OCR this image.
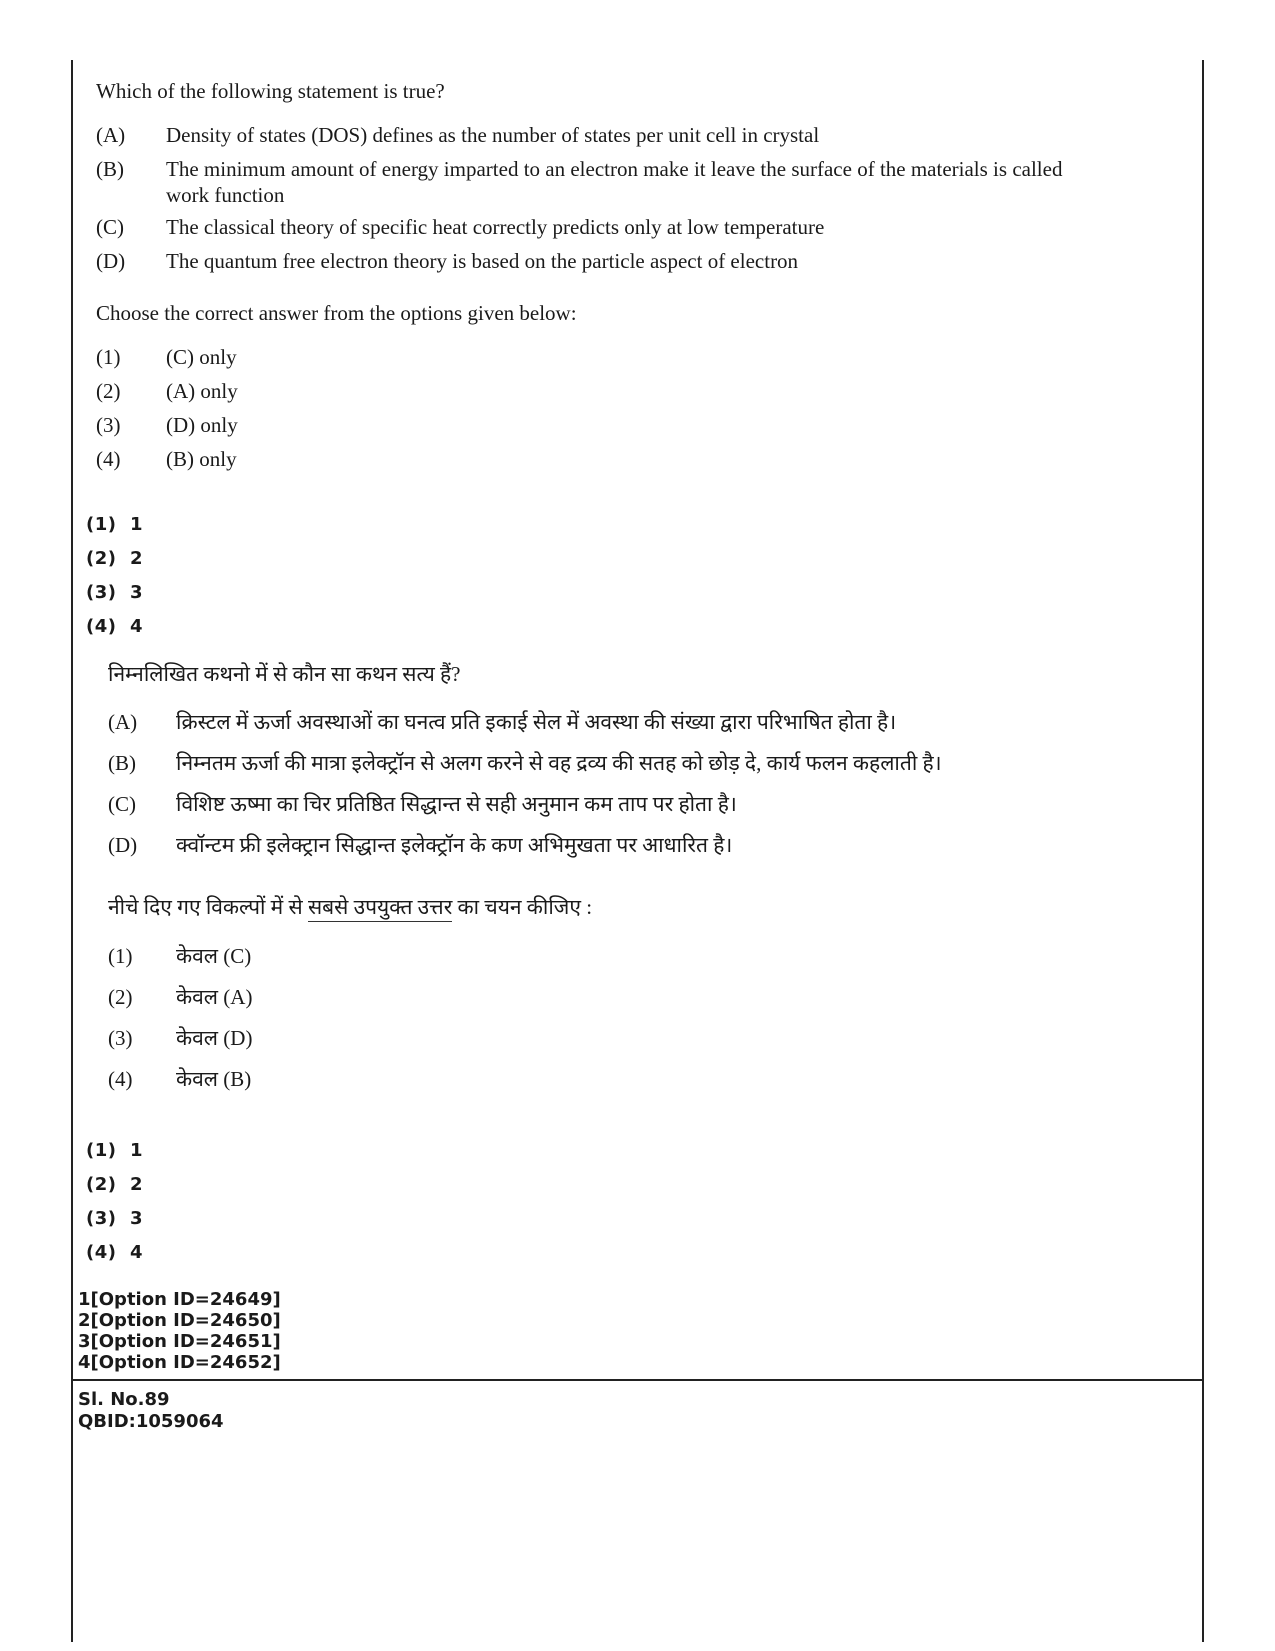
Which of the following statement is true?
(A) Density of states (DOS) defines as the number of states per unit cell in crystal
(B) The minimum amount of energy imparted to an electron make it leave the surface of the materials is called work function
(C) The classical theory of specific heat correctly predicts only at low temperature
(D) The quantum free electron theory is based on the particle aspect of electron
Choose the correct answer from the options given below:
(1) (C) only
(2) (A) only
(3) (D) only
(4) (B) only
(1) 1
(2) 2
(3) 3
(4) 4
निम्नलिखित कथनो में से कौन सा कथन सत्य हैं?
(A) क्रिस्टल में ऊर्जा अवस्थाओं का घनत्व प्रति इकाई सेल में अवस्था की संख्या द्वारा परिभाषित होता है।
(B) निम्नतम ऊर्जा की मात्रा इलेक्ट्रॉन से अलग करने से वह द्रव्य की सतह को छोड़ दे, कार्य फलन कहलाती है।
(C) विशिष्ट ऊष्मा का चिर प्रतिष्ठित सिद्धान्त से सही अनुमान कम ताप पर होता है।
(D) क्वॉन्टम फ्री इलेक्ट्रान सिद्धान्त इलेक्ट्रॉन के कण अभिमुखता पर आधारित है।
नीचे दिए गए विकल्पों में से सबसे उपयुक्त उत्तर का चयन कीजिए :
(1) केवल (C)
(2) केवल (A)
(3) केवल (D)
(4) केवल (B)
(1) 1
(2) 2
(3) 3
(4) 4
1[Option ID=24649]
2[Option ID=24650]
3[Option ID=24651]
4[Option ID=24652]
Sl. No.89
QBID:1059064
